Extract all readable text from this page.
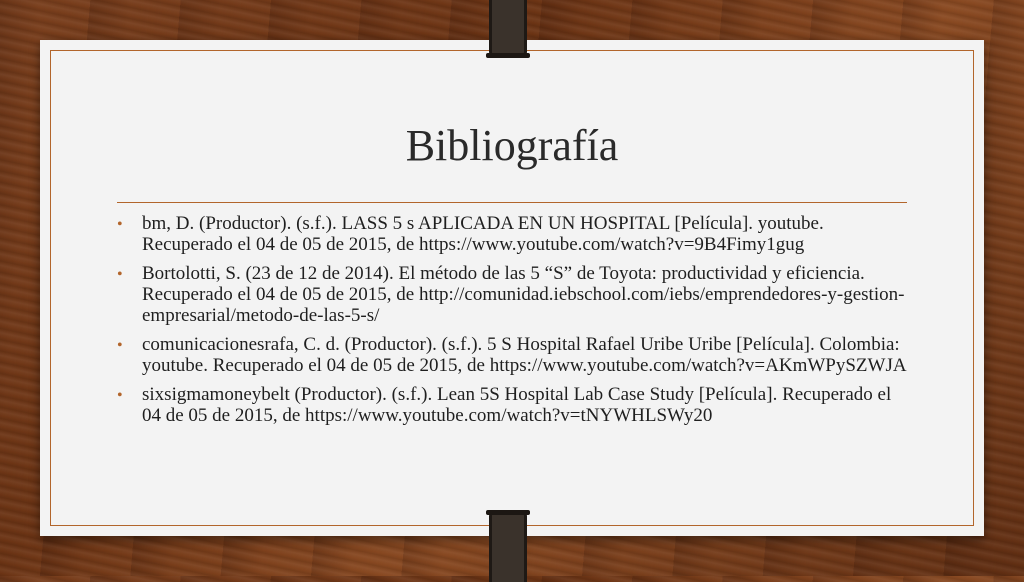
Bibliografía
• bm, D. (Productor). (s.f.). LASS 5 s APLICADA EN UN HOSPITAL [Película]. youtube. Recuperado el 04 de 05 de 2015, de https://www.youtube.com/watch?v=9B4Fimy1gug
• Bortolotti, S. (23 de 12 de 2014). El método de las 5 “S” de Toyota: productividad y eficiencia. Recuperado el 04 de 05 de 2015, de http://comunidad.iebschool.com/iebs/emprendedores-y-gestion-empresarial/metodo-de-las-5-s/
• comunicacionesrafa, C. d. (Productor). (s.f.). 5 S Hospital Rafael Uribe Uribe [Película]. Colombia: youtube. Recuperado el 04 de 05 de 2015, de https://www.youtube.com/watch?v=AKmWPySZWJA
• sixsigmamoneybelt (Productor). (s.f.). Lean 5S Hospital Lab Case Study [Película]. Recuperado el 04 de 05 de 2015, de https://www.youtube.com/watch?v=tNYWHLSWy20
